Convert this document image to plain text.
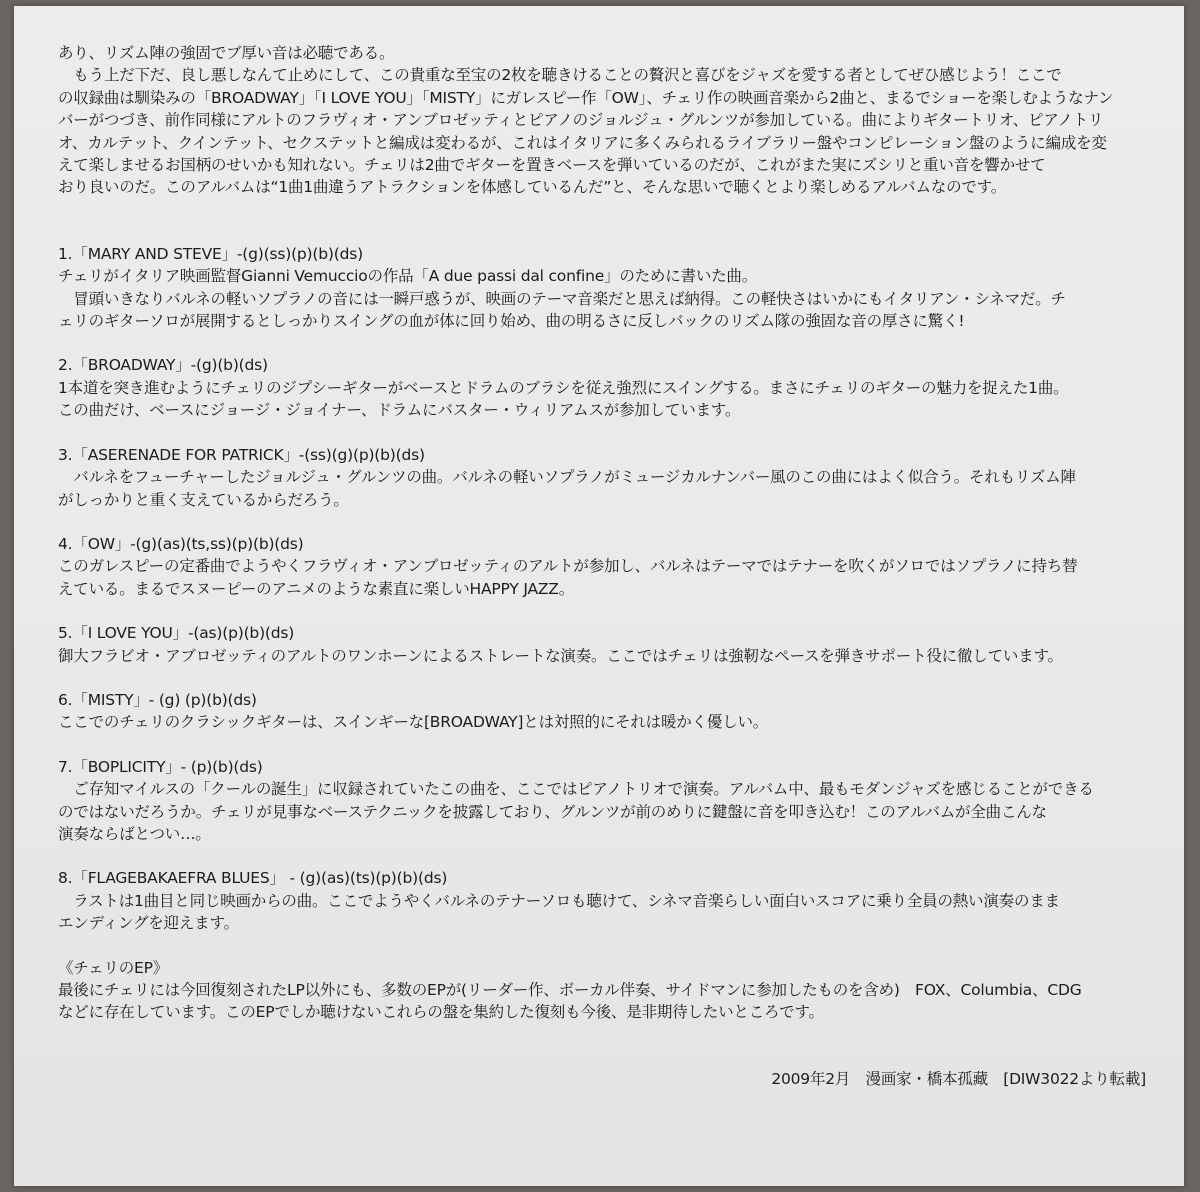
あり、リズム陣の強固でブ厚い音は必聴である。
　もう上だ下だ、良し悪しなんて止めにして、この貴重な至宝の2枚を聴きけることの贅沢と喜びをジャズを愛する者としてぜひ感じよう！ここで
の収録曲は馴染みの「BROADWAY」「I LOVE YOU」「MISTY」にガレスピー作「OW」、チェリ作の映画音楽から2曲と、まるでショーを楽しむようなナン
バーがつづき、前作同様にアルトのフラヴィオ・アンブロゼッティとピアノのジョルジュ・グルンツが参加している。曲によりギタートリオ、ピアノトリ
オ、カルテット、クインテット、セクステットと編成は変わるが、これはイタリアに多くみられるライブラリー盤やコンピレーション盤のように編成を変
えて楽しませるお国柄のせいかも知れない。チェリは2曲でギターを置きベースを弾いているのだが、これがまた実にズシリと重い音を響かせて
おり良いのだ。このアルバムは“1曲1曲違うアトラクションを体感しているんだ”と、そんな思いで聴くとより楽しめるアルバムなのです。
1.「MARY AND STEVE」-(g)(ss)(p)(b)(ds)
チェリがイタリア映画監督Gianni Vemuccioの作品「A due passi dal confine」のために書いた曲。
　冒頭いきなりバルネの軽いソプラノの音には一瞬戸惑うが、映画のテーマ音楽だと思えば納得。この軽快さはいかにもイタリアン・シネマだ。チ
ェリのギターソロが展開するとしっかりスイングの血が体に回り始め、曲の明るさに反しバックのリズム隊の強固な音の厚さに驚く!
2.「BROADWAY」-(g)(b)(ds)
1本道を突き進むようにチェリのジプシーギターがベースとドラムのブラシを従え強烈にスイングする。まさにチェリのギターの魅力を捉えた1曲。
この曲だけ、ベースにジョージ・ジョイナー、ドラムにバスター・ウィリアムスが参加しています。
3.「ASERENADE FOR PATRICK」-(ss)(g)(p)(b)(ds)
　バルネをフューチャーしたジョルジュ・グルンツの曲。バルネの軽いソプラノがミュージカルナンバー風のこの曲にはよく似合う。それもリズム陣
がしっかりと重く支えているからだろう。
4.「OW」-(g)(as)(ts,ss)(p)(b)(ds)
このガレスピーの定番曲でようやくフラヴィオ・アンブロゼッティのアルトが参加し、バルネはテーマではテナーを吹くがソロではソプラノに持ち替
えている。まるでスヌーピーのアニメのような素直に楽しいHAPPY JAZZ。
5.「I LOVE YOU」-(as)(p)(b)(ds)
御大フラビオ・アブロゼッティのアルトのワンホーンによるストレートな演奏。ここではチェリは強靭なペースを弾きサポート役に徹しています。
6.「MISTY」- (g) (p)(b)(ds)
ここでのチェリのクラシックギターは、スインギーな[BROADWAY]とは対照的にそれは暖かく優しい。
7.「BOPLICITY」- (p)(b)(ds)
　ご存知マイルスの「クールの誕生」に収録されていたこの曲を、ここではピアノトリオで演奏。アルバム中、最もモダンジャズを感じることができる
のではないだろうか。チェリが見事なベーステクニックを披露しており、グルンツが前のめりに鍵盤に音を叩き込む！このアルバムが全曲こんな
演奏ならばとつい…。
8.「FLAGEBAKAEFRA BLUES」 - (g)(as)(ts)(p)(b)(ds)
　ラストは1曲目と同じ映画からの曲。ここでようやくバルネのテナーソロも聴けて、シネマ音楽らしい面白いスコアに乗り全員の熱い演奏のまま
エンディングを迎えます。
《チェリのEP》
最後にチェリには今回復刻されたLP以外にも、多数のEPが(リーダー作、ボーカル伴奏、サイドマンに参加したものを含め)　FOX、Columbia、CDG
などに存在しています。このEPでしか聴けないこれらの盤を集約した復刻も今後、是非期待したいところです。
2009年2月　漫画家・橋本孤藏　[DIW3022より転載]
